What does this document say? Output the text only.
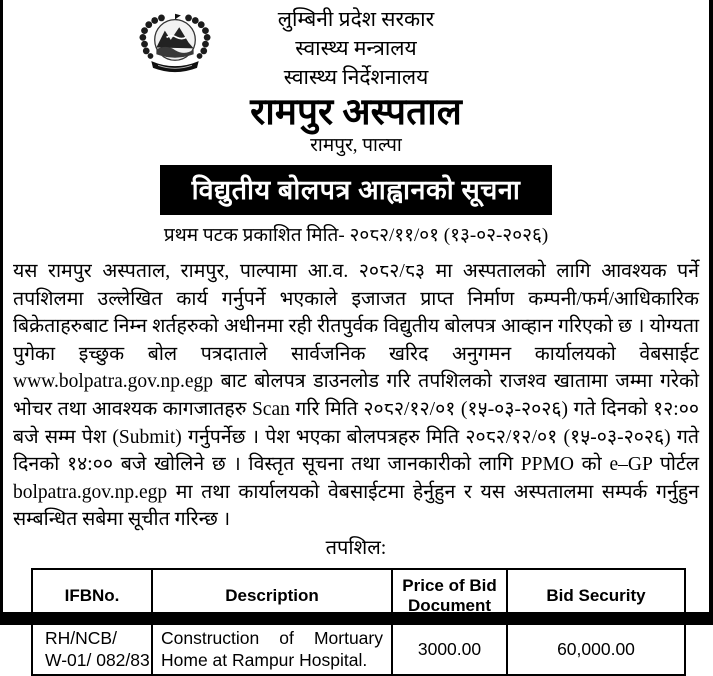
लुम्बिनी प्रदेश सरकार
स्वास्थ्य मन्त्रालय
स्वास्थ्य निर्देशनालय
रामपुर अस्पताल
रामपुर, पाल्पा
विद्युतीय बोलपत्र आह्वानको सूचना
प्रथम पटक प्रकाशित मिति- २०८२/११/०१ (१३-०२-२०२६)
यस रामपुर अस्पताल, रामपुर, पाल्पामा आ.व. २०८२/८३ मा अस्पतालको लागि आवश्यक पर्ने तपशिलमा उल्लेखित कार्य गर्नुपर्ने भएकाले इजाजत प्राप्त निर्माण कम्पनी/फर्म/आधिकारिक बिक्रेताहरुबाट निम्न शर्तहरुको अधीनमा रही रीतपुर्वक विद्युतीय बोलपत्र आव्हान गरिएको छ । योग्यता पुगेका इच्छुक बोल पत्रदाताले सार्वजनिक खरिद अनुगमन कार्यालयको वेबसाईट www.bolpatra.gov.np.egp बाट बोलपत्र डाउनलोड गरि तपशिलको राजश्व खातामा जम्मा गरेको भोचर तथा आवश्यक कागजातहरु Scan गरि मिति २०८२/१२/०१ (१५-०३-२०२६) गते दिनको १२:०० बजे सम्म पेश (Submit) गर्नुपर्नेछ । पेश भएका बोलपत्रहरु मिति २०८२/१२/०१ (१५-०३-२०२६) गते दिनको १४:०० बजे खोलिने छ । विस्तृत सूचना तथा जानकारीको लागि PPMO को e–GP पोर्टल bolpatra.gov.np.egp मा तथा कार्यालयको वेबसाईटमा हेर्नुहुन र यस अस्पतालमा सम्पर्क गर्नुहुन सम्बन्धित सबेमा सूचीत गरिन्छ ।
तपशिल:
IFBNo.	Description	Price of Bid Document	Bid Security
RH/NCB/
W-01/ 082/83	Construction of Mortuary Home at Rampur Hospital.	3000.00	60,000.00
